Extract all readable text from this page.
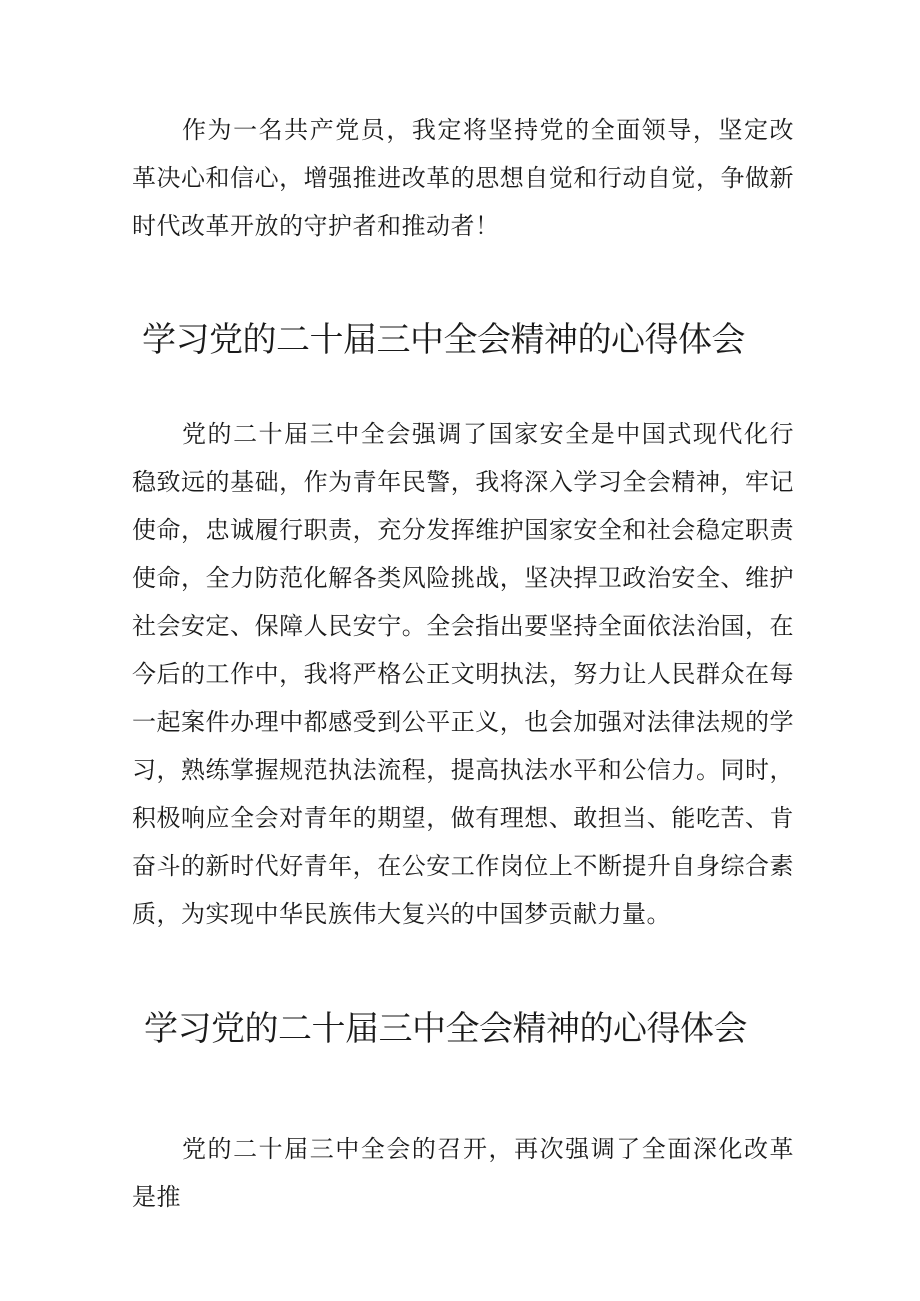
作为一名共产党员，我定将坚持党的全面领导，坚定改革决心和信心，增强推进改革的思想自觉和行动自觉，争做新时代改革开放的守护者和推动者！

学习党的二十届三中全会精神的心得体会

党的二十届三中全会强调了国家安全是中国式现代化行稳致远的基础，作为青年民警，我将深入学习全会精神，牢记使命，忠诚履行职责，充分发挥维护国家安全和社会稳定职责使命，全力防范化解各类风险挑战，坚决捍卫政治安全、维护社会安定、保障人民安宁。全会指出要坚持全面依法治国，在今后的工作中，我将严格公正文明执法，努力让人民群众在每一起案件办理中都感受到公平正义，也会加强对法律法规的学习，熟练掌握规范执法流程，提高执法水平和公信力。同时，积极响应全会对青年的期望，做有理想、敢担当、能吃苦、肯奋斗的新时代好青年，在公安工作岗位上不断提升自身综合素质，为实现中华民族伟大复兴的中国梦贡献力量。

学习党的二十届三中全会精神的心得体会

党的二十届三中全会的召开，再次强调了全面深化改革是推
